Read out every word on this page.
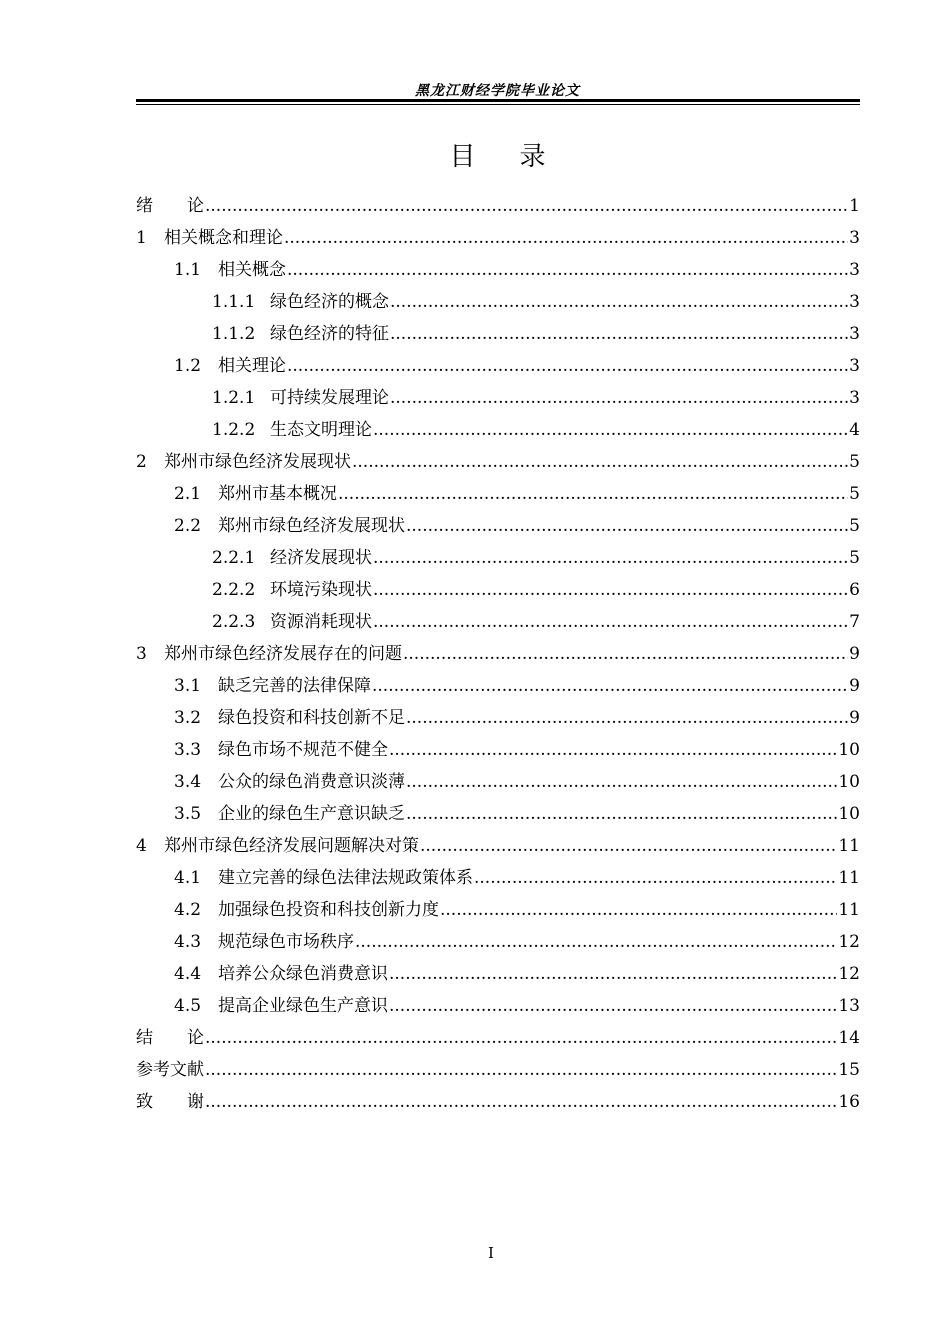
黑龙江财经学院毕业论文
目录
绪　　论 .....	1
1	相关概念和理论 .....	3
1.1 相关概念 .....	3
1.1.1 绿色经济的概念 .....	3
1.1.2 绿色经济的特征 .....	3
1.2 相关理论 .....	3
1.2.1 可持续发展理论 .....	3
1.2.2 生态文明理论 .....	4
2	郑州市绿色经济发展现状 .....	5
2.1 郑州市基本概况 .....	5
2.2 郑州市绿色经济发展现状 .....	5
2.2.1 经济发展现状 .....	5
2.2.2 环境污染现状 .....	6
2.2.3 资源消耗现状 .....	7
3	郑州市绿色经济发展存在的问题 .....	9
3.1 缺乏完善的法律保障 .....	9
3.2 绿色投资和科技创新不足 .....	9
3.3 绿色市场不规范不健全 .....	10
3.4 公众的绿色消费意识淡薄 .....	10
3.5 企业的绿色生产意识缺乏 .....	10
4	郑州市绿色经济发展问题解决对策 .....	11
4.1 建立完善的绿色法律法规政策体系 .....	11
4.2 加强绿色投资和科技创新力度 .....	11
4.3 规范绿色市场秩序 .....	12
4.4 培养公众绿色消费意识 .....	12
4.5 提高企业绿色生产意识 .....	13
结　　论 .....	14
参考文献 .....	15
致　　谢 .....	16
I
